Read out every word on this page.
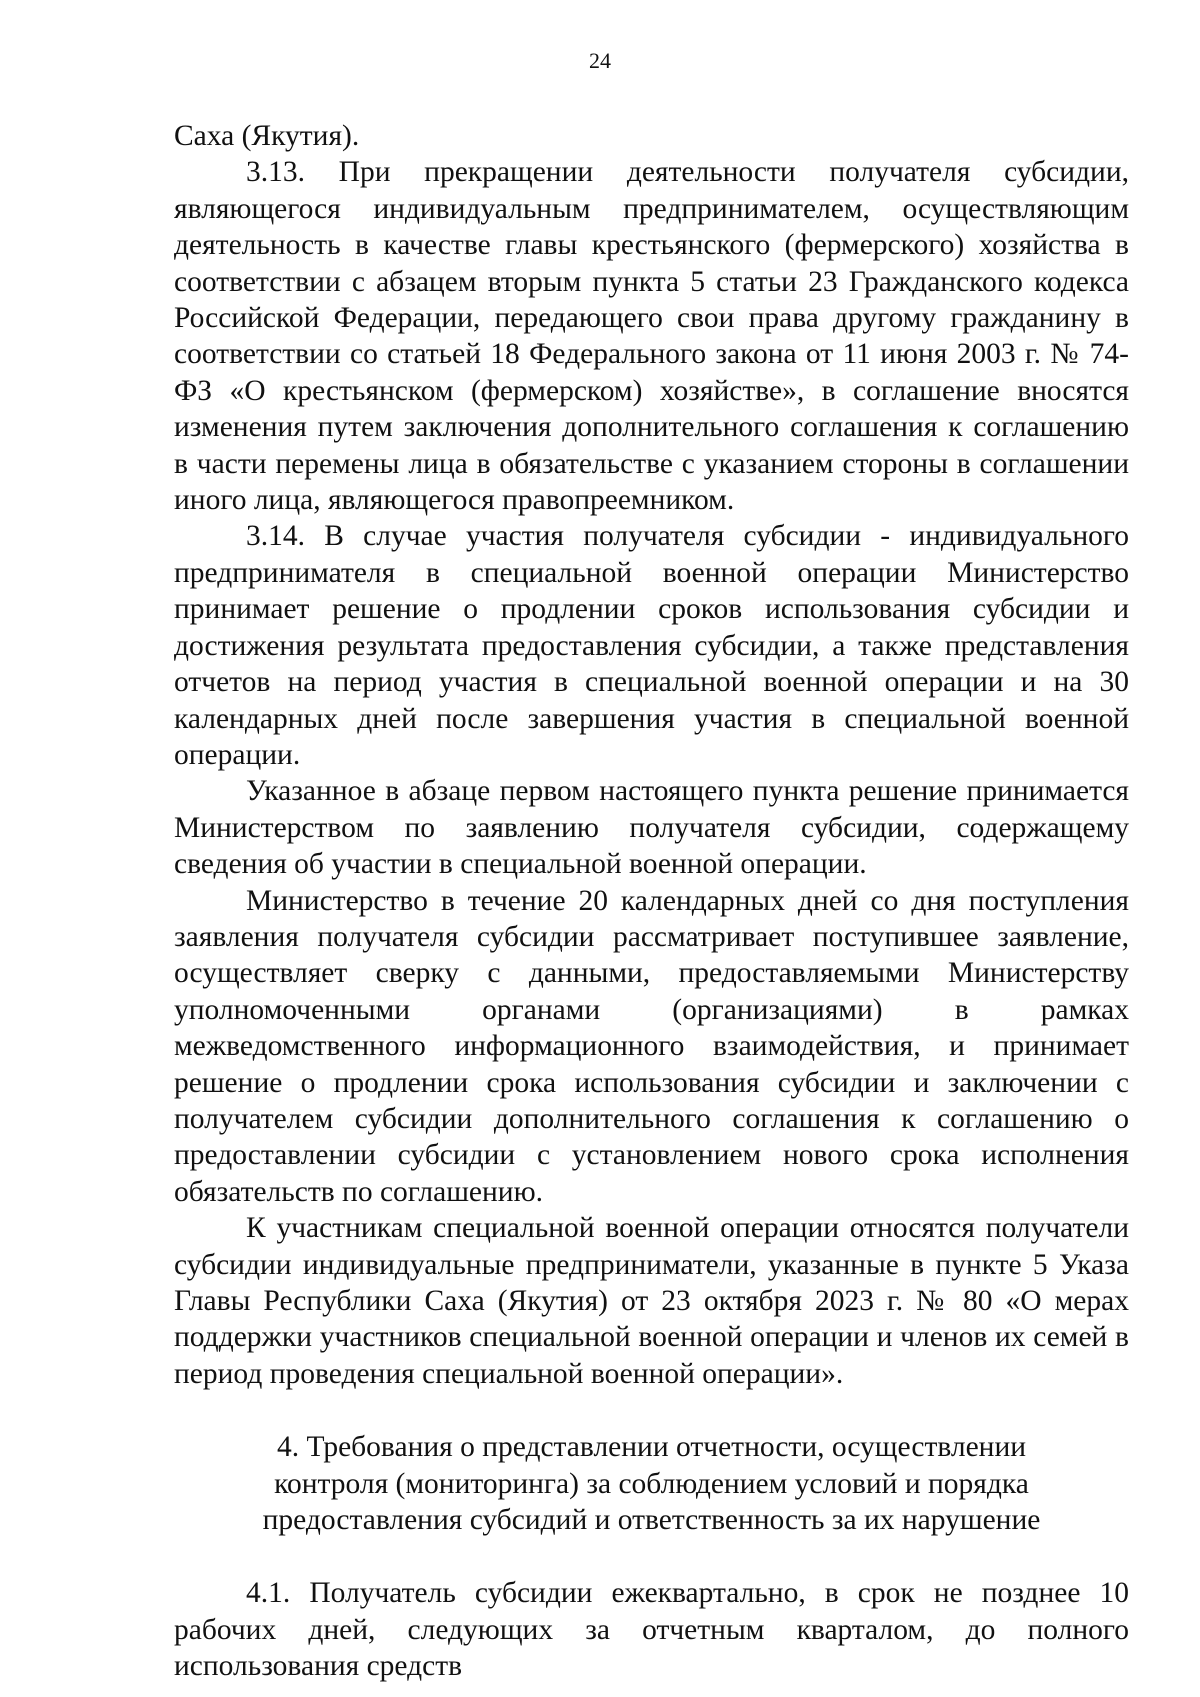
24

Саха (Якутия).

3.13. При прекращении деятельности получателя субсидии, являющегося индивидуальным предпринимателем, осуществляющим деятельность в качестве главы крестьянского (фермерского) хозяйства в соответствии с абзацем вторым пункта 5 статьи 23 Гражданского кодекса Российской Федерации, передающего свои права другому гражданину в соответствии со статьей 18 Федерального закона от 11 июня 2003 г. № 74-ФЗ «О крестьянском (фермерском) хозяйстве», в соглашение вносятся изменения путем заключения дополнительного соглашения к соглашению в части перемены лица в обязательстве с указанием стороны в соглашении иного лица, являющегося правопреемником.

3.14. В случае участия получателя субсидии - индивидуального предпринимателя в специальной военной операции Министерство принимает решение о продлении сроков использования субсидии и достижения результата предоставления субсидии, а также представления отчетов на период участия в специальной военной операции и на 30 календарных дней после завершения участия в специальной военной операции.

Указанное в абзаце первом настоящего пункта решение принимается Министерством по заявлению получателя субсидии, содержащему сведения об участии в специальной военной операции.

Министерство в течение 20 календарных дней со дня поступления заявления получателя субсидии рассматривает поступившее заявление, осуществляет сверку с данными, предоставляемыми Министерству уполномоченными органами (организациями) в рамках межведомственного информационного взаимодействия, и принимает решение о продлении срока использования субсидии и заключении с получателем субсидии дополнительного соглашения к соглашению о предоставлении субсидии с установлением нового срока исполнения обязательств по соглашению.

К участникам специальной военной операции относятся получатели субсидии индивидуальные предприниматели, указанные в пункте 5 Указа Главы Республики Саха (Якутия) от 23 октября 2023 г. № 80 «О мерах поддержки участников специальной военной операции и членов их семей в период проведения специальной военной операции».

4. Требования о представлении отчетности, осуществлении контроля (мониторинга) за соблюдением условий и порядка предоставления субсидий и ответственность за их нарушение

4.1. Получатель субсидии ежеквартально, в срок не позднее 10 рабочих дней, следующих за отчетным кварталом, до полного использования средств
